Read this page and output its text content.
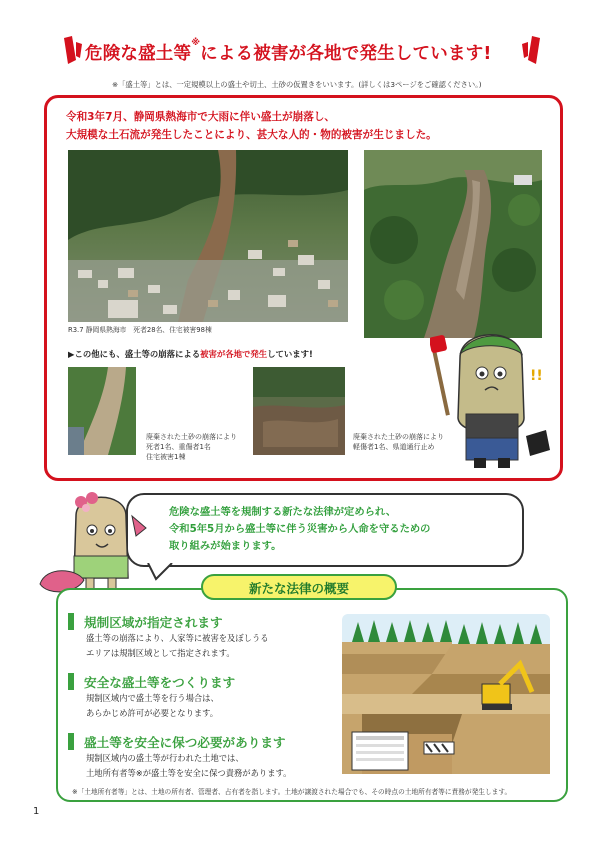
危険な盛土等※による被害が各地で発生しています!
※「盛土等」とは、一定規模以上の盛土や切土、土砂の仮置きをいいます。(詳しくは3ページをご確認ください。)
令和3年7月、静岡県熱海市で大雨に伴い盛土が崩落し、
大規模な土石流が発生したことにより、甚大な人的・物的被害が生じました。
R3.7 静岡県熱海市　死者28名、住宅被害98棟
▶この他にも、盛土等の崩落による被害が各地で発生しています!
廃棄された土砂の崩落により
死者1名、重傷者1名
住宅被害1棟
廃棄された土砂の崩落により
軽傷者1名、県道通行止め
!!
危険な盛土等を規制する新たな法律が定められ、
令和5年5月から盛土等に伴う災害から人命を守るための
取り組みが始まります。
新たな法律の概要
規制区域が指定されます
盛土等の崩落により、人家等に被害を及ぼしうる
エリアは規制区域として指定されます。
安全な盛土等をつくります
規制区域内で盛土等を行う場合は、
あらかじめ許可が必要となります。
盛土等を安全に保つ必要があります
規制区域内の盛土等が行われた土地では、
土地所有者等※が盛土等を安全に保つ責務があります。
※「土地所有者等」とは、土地の所有者、管理者、占有者を指します。土地が譲渡された場合でも、その時点の土地所有者等に責務が発生します。
1
